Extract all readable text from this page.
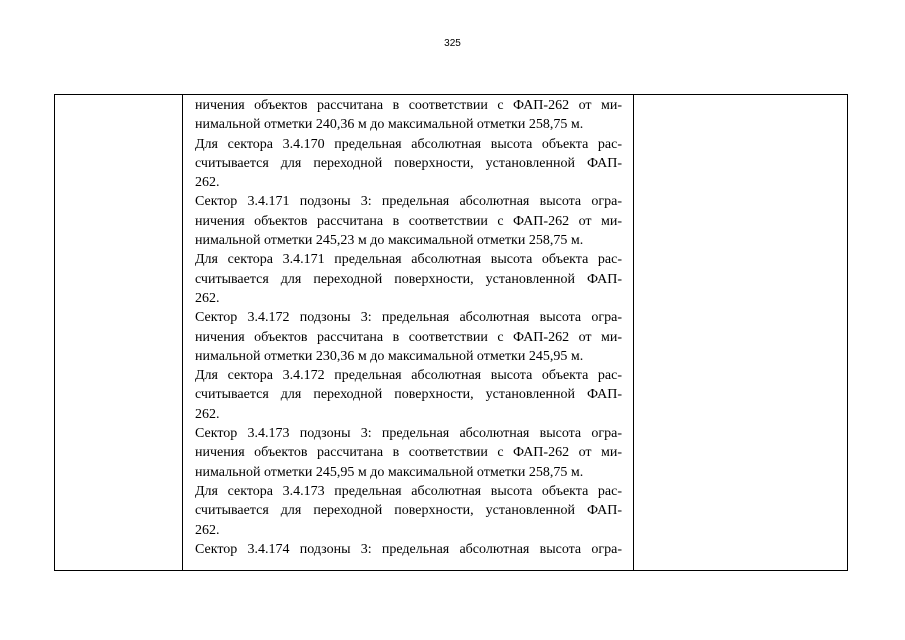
325
ничения объектов рассчитана в соответствии с ФАП-262 от ми-
нимальной отметки 240,36 м до максимальной отметки 258,75 м.
Для сектора 3.4.170 предельная абсолютная высота объекта рас-
считывается для переходной поверхности, установленной ФАП-
262.
Сектор 3.4.171 подзоны 3: предельная абсолютная высота огра-
ничения объектов рассчитана в соответствии с ФАП-262 от ми-
нимальной отметки 245,23 м до максимальной отметки 258,75 м.
Для сектора 3.4.171 предельная абсолютная высота объекта рас-
считывается для переходной поверхности, установленной ФАП-
262.
Сектор 3.4.172 подзоны 3: предельная абсолютная высота огра-
ничения объектов рассчитана в соответствии с ФАП-262 от ми-
нимальной отметки 230,36 м до максимальной отметки 245,95 м.
Для сектора 3.4.172 предельная абсолютная высота объекта рас-
считывается для переходной поверхности, установленной ФАП-
262.
Сектор 3.4.173 подзоны 3: предельная абсолютная высота огра-
ничения объектов рассчитана в соответствии с ФАП-262 от ми-
нимальной отметки 245,95 м до максимальной отметки 258,75 м.
Для сектора 3.4.173 предельная абсолютная высота объекта рас-
считывается для переходной поверхности, установленной ФАП-
262.
Сектор 3.4.174 подзоны 3: предельная абсолютная высота огра-
